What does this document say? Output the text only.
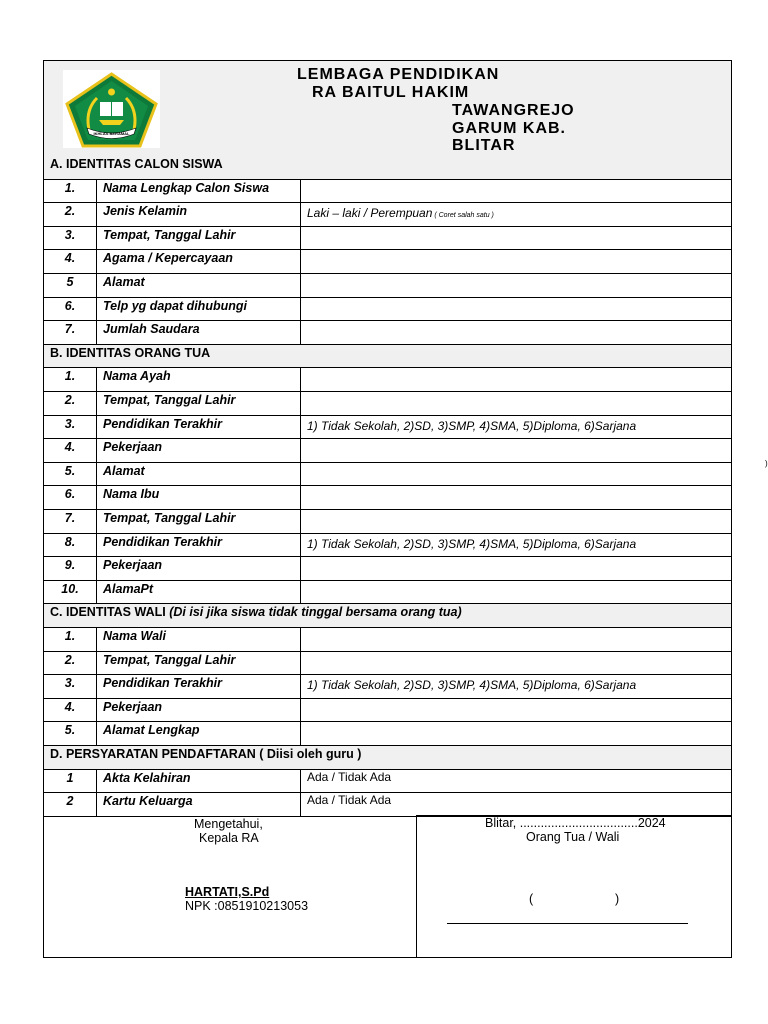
IKHLAS BERAMAL
LEMBAGA PENDIDIKAN
RA BAITUL HAKIM
TAWANGREJO
GARUM KAB.
BLITAR
A. IDENTITAS CALON SISWA
1.	Nama Lengkap Calon Siswa
2.	Jenis Kelamin	Laki – laki / Perempuan ( Coret salah satu )
3.	Tempat, Tanggal Lahir
4.	Agama / Kepercayaan
5	Alamat
6.	Telp yg dapat dihubungi
7.	Jumlah Saudara
B. IDENTITAS ORANG TUA
1.	Nama Ayah
2.	Tempat, Tanggal Lahir
3.	Pendidikan Terakhir	1) Tidak Sekolah, 2)SD, 3)SMP, 4)SMA, 5)Diploma, 6)Sarjana
4.	Pekerjaan
5.	Alamat
6.	Nama Ibu
7.	Tempat, Tanggal Lahir
8.	Pendidikan Terakhir	1) Tidak Sekolah, 2)SD, 3)SMP, 4)SMA, 5)Diploma, 6)Sarjana
9.	Pekerjaan
10.	AlamaPt
C. IDENTITAS WALI (Di isi jika siswa tidak tinggal bersama orang tua)
1.	Nama Wali
2.	Tempat, Tanggal Lahir
3.	Pendidikan Terakhir	1) Tidak Sekolah, 2)SD, 3)SMP, 4)SMA, 5)Diploma, 6)Sarjana
4.	Pekerjaan
5.	Alamat Lengkap
D. PERSYARATAN PENDAFTARAN ( Diisi oleh guru )
1	Akta Kelahiran	Ada / Tidak Ada
2	Kartu Keluarga	Ada / Tidak Ada
)
Mengetahui,
Kepala RA
HARTATI,S.Pd
NPK :0851910213053
Blitar, ..................................2024
Orang Tua / Wali
(	)
